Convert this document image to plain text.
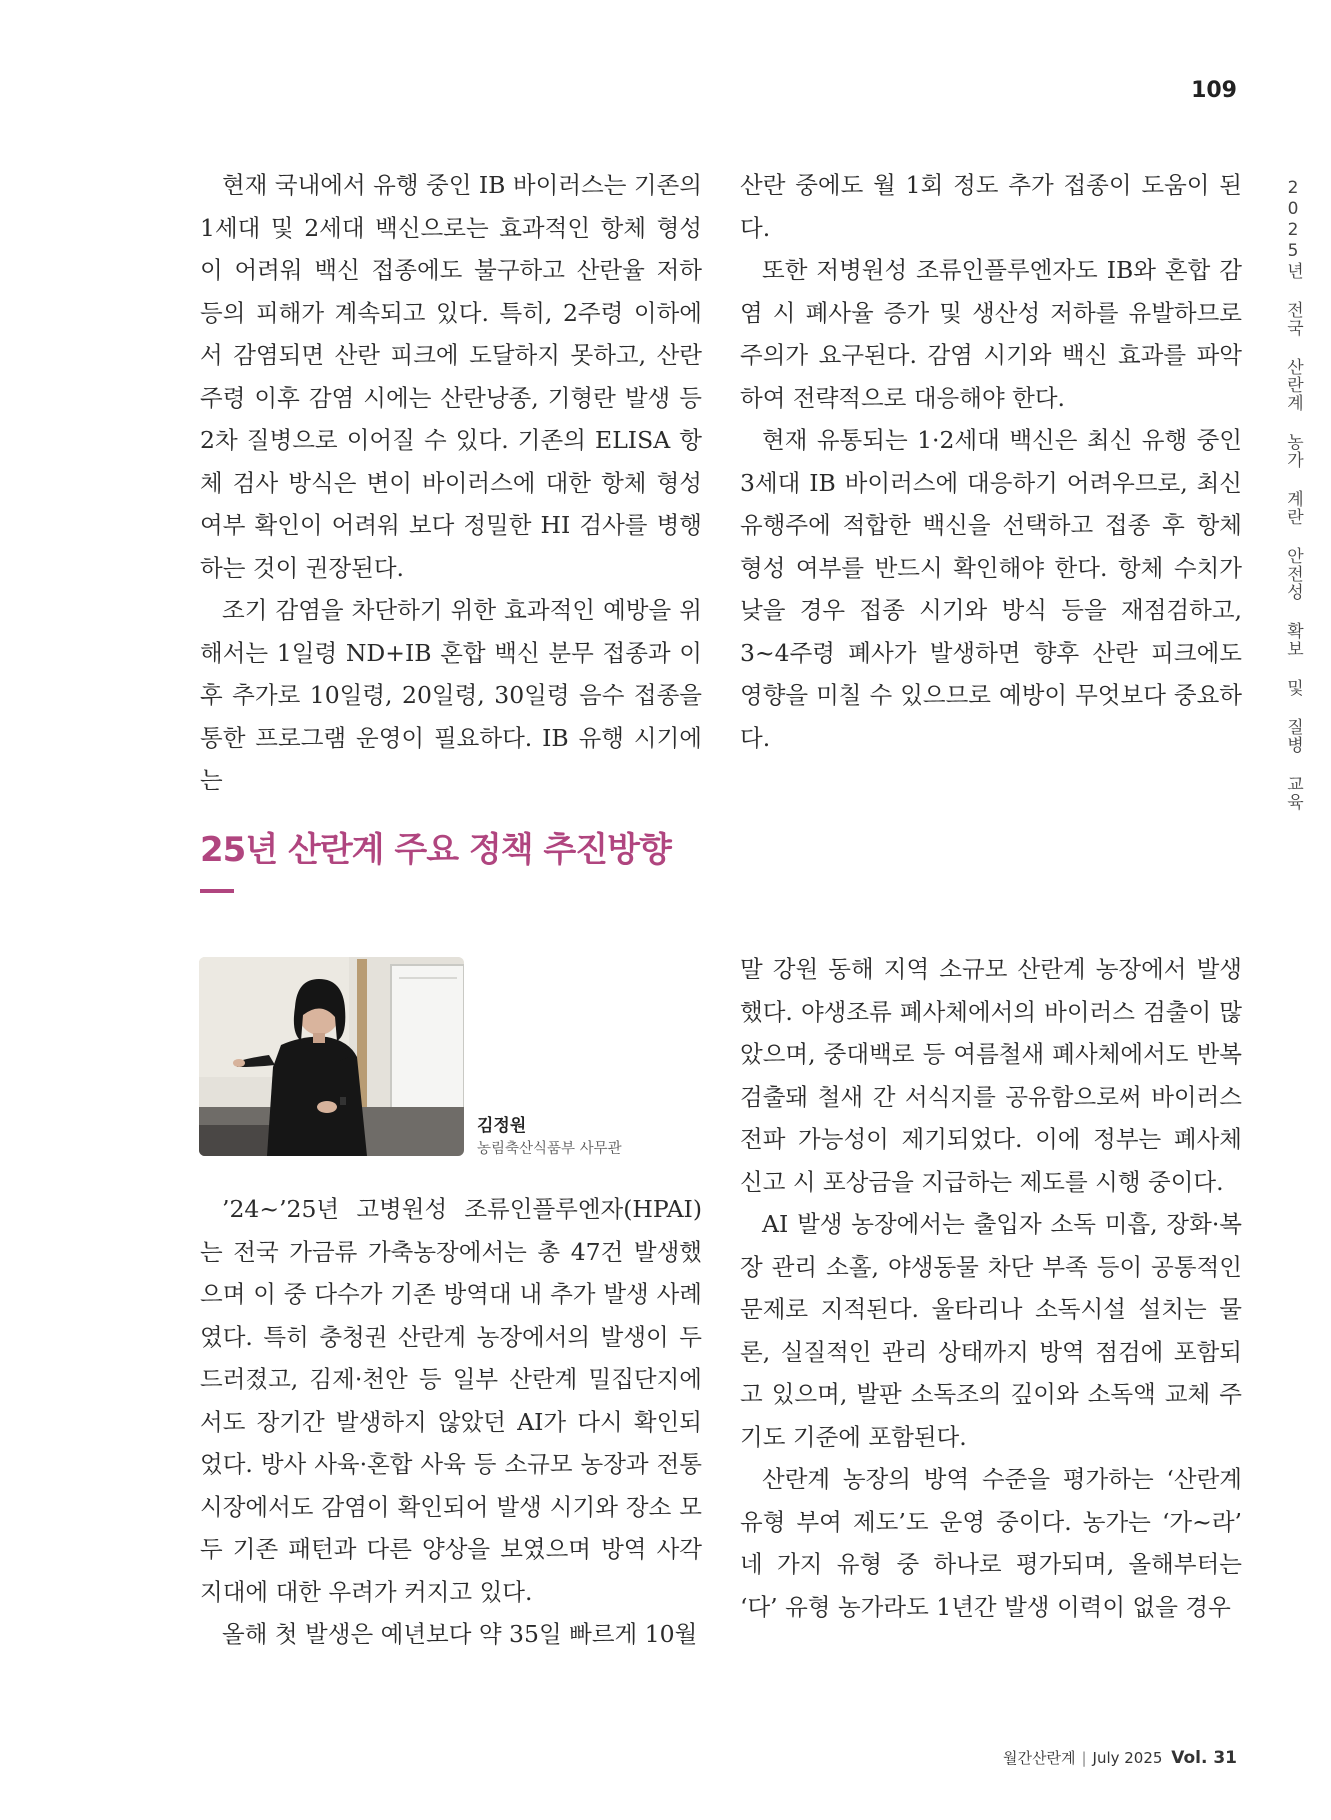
109
2025년 전국 산란계 농가 계란 안전성 확보 및 질병 교육

현재 국내에서 유행 중인 IB 바이러스는 기존의 1세대 및 2세대 백신으로는 효과적인 항체 형성이 어려워 백신 접종에도 불구하고 산란율 저하 등의 피해가 계속되고 있다. 특히, 2주령 이하에서 감염되면 산란 피크에 도달하지 못하고, 산란 주령 이후 감염 시에는 산란낭종, 기형란 발생 등 2차 질병으로 이어질 수 있다. 기존의 ELISA 항체 검사 방식은 변이 바이러스에 대한 항체 형성 여부 확인이 어려워 보다 정밀한 HI 검사를 병행하는 것이 권장된다.

조기 감염을 차단하기 위한 효과적인 예방을 위해서는 1일령 ND+IB 혼합 백신 분무 접종과 이후 추가로 10일령, 20일령, 30일령 음수 접종을 통한 프로그램 운영이 필요하다. IB 유행 시기에는

산란 중에도 월 1회 정도 추가 접종이 도움이 된다.

또한 저병원성 조류인플루엔자도 IB와 혼합 감염 시 폐사율 증가 및 생산성 저하를 유발하므로 주의가 요구된다. 감염 시기와 백신 효과를 파악하여 전략적으로 대응해야 한다.

현재 유통되는 1·2세대 백신은 최신 유행 중인 3세대 IB 바이러스에 대응하기 어려우므로, 최신 유행주에 적합한 백신을 선택하고 접종 후 항체 형성 여부를 반드시 확인해야 한다. 항체 수치가 낮을 경우 접종 시기와 방식 등을 재점검하고, 3~4주령 폐사가 발생하면 향후 산란 피크에도 영향을 미칠 수 있으므로 예방이 무엇보다 중요하다.

25년 산란계 주요 정책 추진방향
김정원
농림축산식품부 사무관

’24~’25년 고병원성 조류인플루엔자(HPAI)는 전국 가금류 가축농장에서는 총 47건 발생했으며 이 중 다수가 기존 방역대 내 추가 발생 사례였다. 특히 충청권 산란계 농장에서의 발생이 두드러졌고, 김제·천안 등 일부 산란계 밀집단지에서도 장기간 발생하지 않았던 AI가 다시 확인되었다. 방사 사육·혼합 사육 등 소규모 농장과 전통시장에서도 감염이 확인되어 발생 시기와 장소 모두 기존 패턴과 다른 양상을 보였으며 방역 사각지대에 대한 우려가 커지고 있다.

올해 첫 발생은 예년보다 약 35일 빠르게 10월

말 강원 동해 지역 소규모 산란계 농장에서 발생했다. 야생조류 폐사체에서의 바이러스 검출이 많았으며, 중대백로 등 여름철새 폐사체에서도 반복 검출돼 철새 간 서식지를 공유함으로써 바이러스 전파 가능성이 제기되었다. 이에 정부는 폐사체 신고 시 포상금을 지급하는 제도를 시행 중이다.

AI 발생 농장에서는 출입자 소독 미흡, 장화·복장 관리 소홀, 야생동물 차단 부족 등이 공통적인 문제로 지적된다. 울타리나 소독시설 설치는 물론, 실질적인 관리 상태까지 방역 점검에 포함되고 있으며, 발판 소독조의 깊이와 소독액 교체 주기도 기준에 포함된다.

산란계 농장의 방역 수준을 평가하는 ‘산란계 유형 부여 제도’도 운영 중이다. 농가는 ‘가~라’ 네 가지 유형 중 하나로 평가되며, 올해부터는 ‘다’ 유형 농가라도 1년간 발생 이력이 없을 경우

월간산란계 | July 2025 Vol. 31
